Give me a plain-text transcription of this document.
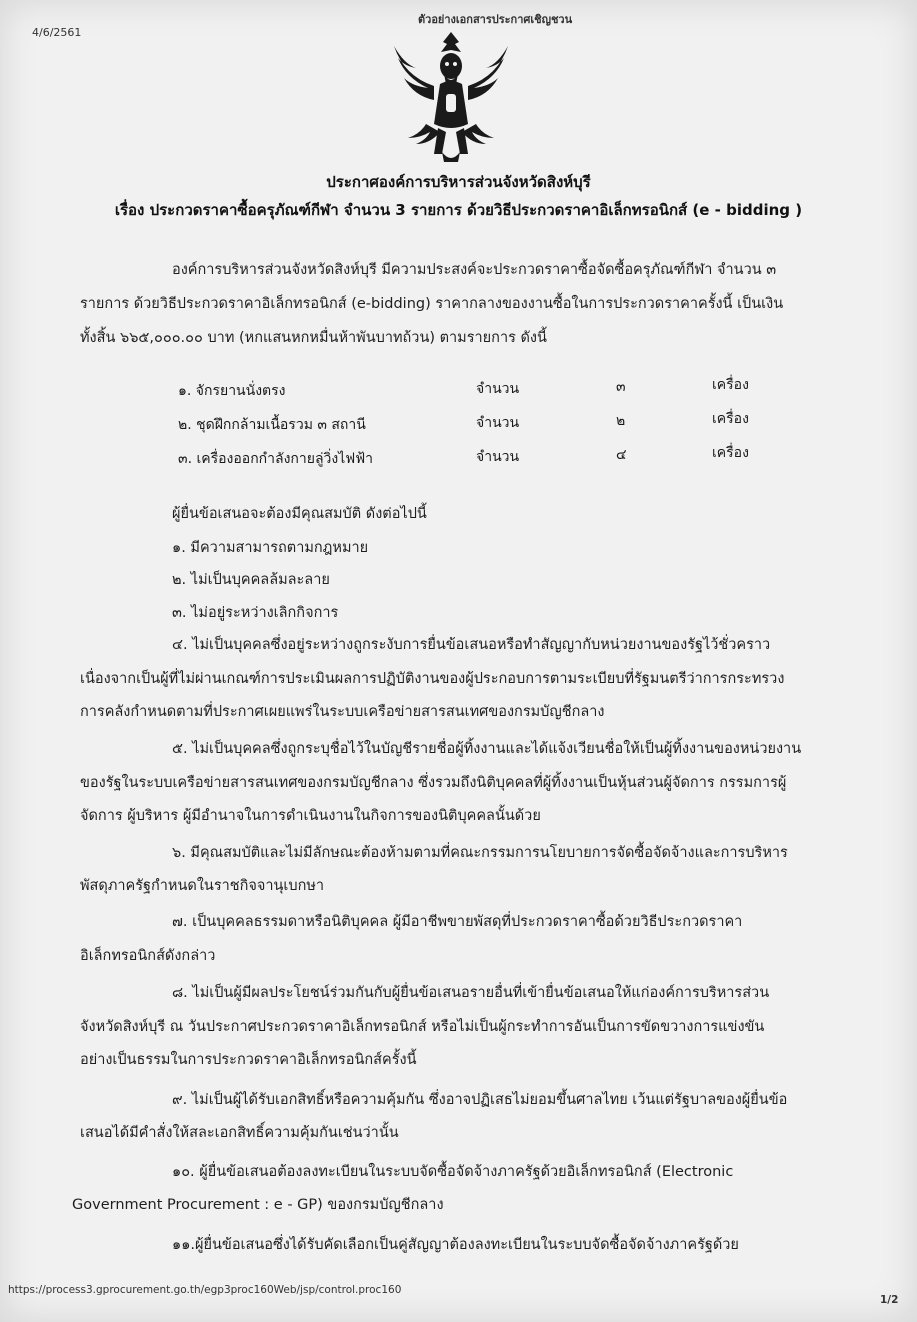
4/6/2561
ตัวอย่างเอกสารประกาศเชิญชวน
ประกาศองค์การบริหารส่วนจังหวัดสิงห์บุรี
เรื่อง ประกวดราคาซื้อครุภัณฑ์กีฬา จำนวน 3 รายการ ด้วยวิธีประกวดราคาอิเล็กทรอนิกส์ (e - bidding )
องค์การบริหารส่วนจังหวัดสิงห์บุรี มีความประสงค์จะประกวดราคาซื้อจัดซื้อครุภัณฑ์กีฬา จำนวน ๓
รายการ ด้วยวิธีประกวดราคาอิเล็กทรอนิกส์ (e-bidding) ราคากลางของงานซื้อในการประกวดราคาครั้งนี้ เป็นเงิน
ทั้งสิ้น ๖๖๕,๐๐๐.๐๐ บาท (หกแสนหกหมื่นห้าพันบาทถ้วน) ตามรายการ ดังนี้
๑. จักรยานนั่งตรง	จำนวน	๓	เครื่อง
๒. ชุดฝึกกล้ามเนื้อรวม ๓ สถานี	จำนวน	๒	เครื่อง
๓. เครื่องออกกำลังกายลู่วิ่งไฟฟ้า	จำนวน	๔	เครื่อง
ผู้ยื่นข้อเสนอจะต้องมีคุณสมบัติ ดังต่อไปนี้
๑. มีความสามารถตามกฎหมาย
๒. ไม่เป็นบุคคลล้มละลาย
๓. ไม่อยู่ระหว่างเลิกกิจการ
๔. ไม่เป็นบุคคลซึ่งอยู่ระหว่างถูกระงับการยื่นข้อเสนอหรือทำสัญญากับหน่วยงานของรัฐไว้ชั่วคราว
เนื่องจากเป็นผู้ที่ไม่ผ่านเกณฑ์การประเมินผลการปฏิบัติงานของผู้ประกอบการตามระเบียบที่รัฐมนตรีว่าการกระทรวง
การคลังกำหนดตามที่ประกาศเผยแพร่ในระบบเครือข่ายสารสนเทศของกรมบัญชีกลาง
๕. ไม่เป็นบุคคลซึ่งถูกระบุชื่อไว้ในบัญชีรายชื่อผู้ทิ้งงานและได้แจ้งเวียนชื่อให้เป็นผู้ทิ้งงานของหน่วยงาน
ของรัฐในระบบเครือข่ายสารสนเทศของกรมบัญชีกลาง ซึ่งรวมถึงนิติบุคคลที่ผู้ทิ้งงานเป็นหุ้นส่วนผู้จัดการ กรรมการผู้
จัดการ ผู้บริหาร ผู้มีอำนาจในการดำเนินงานในกิจการของนิติบุคคลนั้นด้วย
๖. มีคุณสมบัติและไม่มีลักษณะต้องห้ามตามที่คณะกรรมการนโยบายการจัดซื้อจัดจ้างและการบริหาร
พัสดุภาครัฐกำหนดในราชกิจจานุเบกษา
๗. เป็นบุคคลธรรมดาหรือนิติบุคคล ผู้มีอาชีพขายพัสดุที่ประกวดราคาซื้อด้วยวิธีประกวดราคา
อิเล็กทรอนิกส์ดังกล่าว
๘. ไม่เป็นผู้มีผลประโยชน์ร่วมกันกับผู้ยื่นข้อเสนอรายอื่นที่เข้ายื่นข้อเสนอให้แก่องค์การบริหารส่วน
จังหวัดสิงห์บุรี ณ วันประกาศประกวดราคาอิเล็กทรอนิกส์ หรือไม่เป็นผู้กระทำการอันเป็นการขัดขวางการแข่งขัน
อย่างเป็นธรรมในการประกวดราคาอิเล็กทรอนิกส์ครั้งนี้
๙. ไม่เป็นผู้ได้รับเอกสิทธิ์หรือความคุ้มกัน ซึ่งอาจปฏิเสธไม่ยอมขึ้นศาลไทย เว้นแต่รัฐบาลของผู้ยื่นข้อ
เสนอได้มีคำสั่งให้สละเอกสิทธิ์ความคุ้มกันเช่นว่านั้น
๑๐. ผู้ยื่นข้อเสนอต้องลงทะเบียนในระบบจัดซื้อจัดจ้างภาครัฐด้วยอิเล็กทรอนิกส์ (Electronic
Government Procurement : e - GP) ของกรมบัญชีกลาง
๑๑.ผู้ยื่นข้อเสนอซึ่งได้รับคัดเลือกเป็นคู่สัญญาต้องลงทะเบียนในระบบจัดซื้อจัดจ้างภาครัฐด้วย
https://process3.gprocurement.go.th/egp3proc160Web/jsp/control.proc160
1/2
